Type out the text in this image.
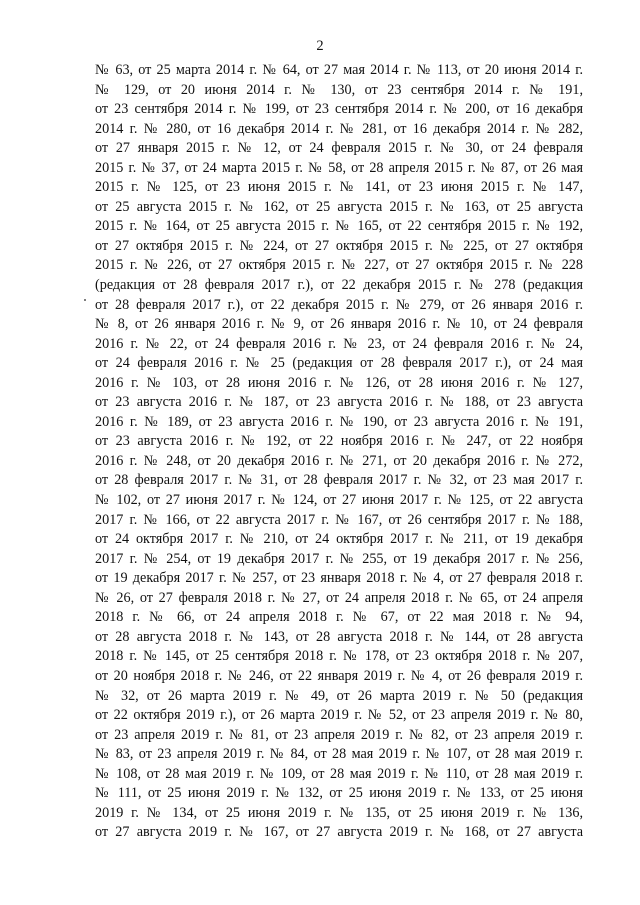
2
№ 63, от 25 марта 2014 г. № 64, от 27 мая 2014 г. № 113, от 20 июня 2014 г.
№ 129, от 20 июня 2014 г. № 130, от 23 сентября 2014 г. № 191,
от 23 сентября 2014 г. № 199, от 23 сентября 2014 г. № 200, от 16 декабря
2014 г. № 280, от 16 декабря 2014 г. № 281, от 16 декабря 2014 г. № 282,
от 27 января 2015 г. № 12, от 24 февраля 2015 г. № 30, от 24 февраля
2015 г. № 37, от 24 марта 2015 г. № 58, от 28 апреля 2015 г. № 87, от 26 мая
2015 г. № 125, от 23 июня 2015 г. № 141, от 23 июня 2015 г. № 147,
от 25 августа 2015 г. № 162, от 25 августа 2015 г. № 163, от 25 августа
2015 г. № 164, от 25 августа 2015 г. № 165, от 22 сентября 2015 г. № 192,
от 27 октября 2015 г. № 224, от 27 октября 2015 г. № 225, от 27 октября
2015 г. № 226, от 27 октября 2015 г. № 227, от 27 октября 2015 г. № 228
(редакция от 28 февраля 2017 г.), от 22 декабря 2015 г. № 278 (редакция
от 28 февраля 2017 г.), от 22 декабря 2015 г. № 279, от 26 января 2016 г.
№ 8, от 26 января 2016 г. № 9, от 26 января 2016 г. № 10, от 24 февраля
2016 г. № 22, от 24 февраля 2016 г. № 23, от 24 февраля 2016 г. № 24,
от 24 февраля 2016 г. № 25 (редакция от 28 февраля 2017 г.), от 24 мая
2016 г. № 103, от 28 июня 2016 г. № 126, от 28 июня 2016 г. № 127,
от 23 августа 2016 г. № 187, от 23 августа 2016 г. № 188, от 23 августа
2016 г. № 189, от 23 августа 2016 г. № 190, от 23 августа 2016 г. № 191,
от 23 августа 2016 г. № 192, от 22 ноября 2016 г. № 247, от 22 ноября
2016 г. № 248, от 20 декабря 2016 г. № 271, от 20 декабря 2016 г. № 272,
от 28 февраля 2017 г. № 31, от 28 февраля 2017 г. № 32, от 23 мая 2017 г.
№ 102, от 27 июня 2017 г. № 124, от 27 июня 2017 г. № 125, от 22 августа
2017 г. № 166, от 22 августа 2017 г. № 167, от 26 сентября 2017 г. № 188,
от 24 октября 2017 г. № 210, от 24 октября 2017 г. № 211, от 19 декабря
2017 г. № 254, от 19 декабря 2017 г. № 255, от 19 декабря 2017 г. № 256,
от 19 декабря 2017 г. № 257, от 23 января 2018 г. № 4, от 27 февраля 2018 г.
№ 26, от 27 февраля 2018 г. № 27, от 24 апреля 2018 г. № 65, от 24 апреля
2018 г. № 66, от 24 апреля 2018 г. № 67, от 22 мая 2018 г. № 94,
от 28 августа 2018 г. № 143, от 28 августа 2018 г. № 144, от 28 августа
2018 г. № 145, от 25 сентября 2018 г. № 178, от 23 октября 2018 г. № 207,
от 20 ноября 2018 г. № 246, от 22 января 2019 г. № 4, от 26 февраля 2019 г.
№ 32, от 26 марта 2019 г. № 49, от 26 марта 2019 г. № 50 (редакция
от 22 октября 2019 г.), от 26 марта 2019 г. № 52, от 23 апреля 2019 г. № 80,
от 23 апреля 2019 г. № 81, от 23 апреля 2019 г. № 82, от 23 апреля 2019 г.
№ 83, от 23 апреля 2019 г. № 84, от 28 мая 2019 г. № 107, от 28 мая 2019 г.
№ 108, от 28 мая 2019 г. № 109, от 28 мая 2019 г. № 110, от 28 мая 2019 г.
№ 111, от 25 июня 2019 г. № 132, от 25 июня 2019 г. № 133, от 25 июня
2019 г. № 134, от 25 июня 2019 г. № 135, от 25 июня 2019 г. № 136,
от 27 августа 2019 г. № 167, от 27 августа 2019 г. № 168, от 27 августа
